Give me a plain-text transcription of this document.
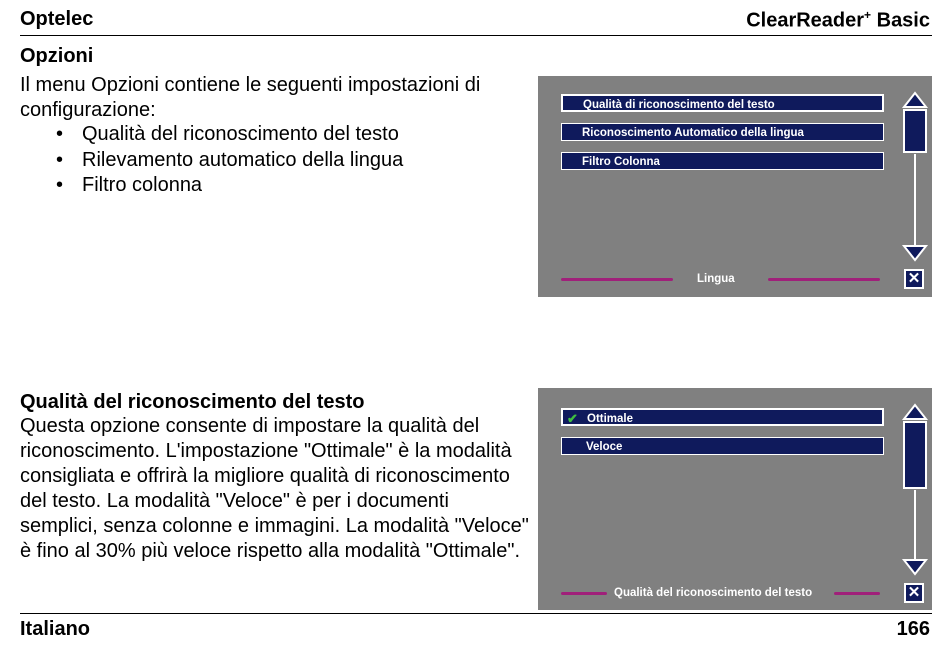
Optelec	ClearReader+ Basic
Opzioni
Il menu Opzioni contiene le seguenti impostazioni di configurazione:
• Qualità del riconoscimento del testo
• Rilevamento automatico della lingua
• Filtro colonna
Qualità di riconoscimento del testo
Riconoscimento Automatico della lingua
Filtro Colonna
Lingua	✕
Qualità del riconoscimento del testo
Questa opzione consente di impostare la qualità del riconoscimento. L'impostazione "Ottimale" è la modalità consigliata e offrirà la migliore qualità di riconoscimento del testo. La modalità "Veloce" è per i documenti semplici, senza colonne e immagini. La modalità "Veloce" è fino al 30% più veloce rispetto alla modalità "Ottimale".
✔ Ottimale
Veloce
Qualità del riconoscimento del testo	✕
Italiano	166
